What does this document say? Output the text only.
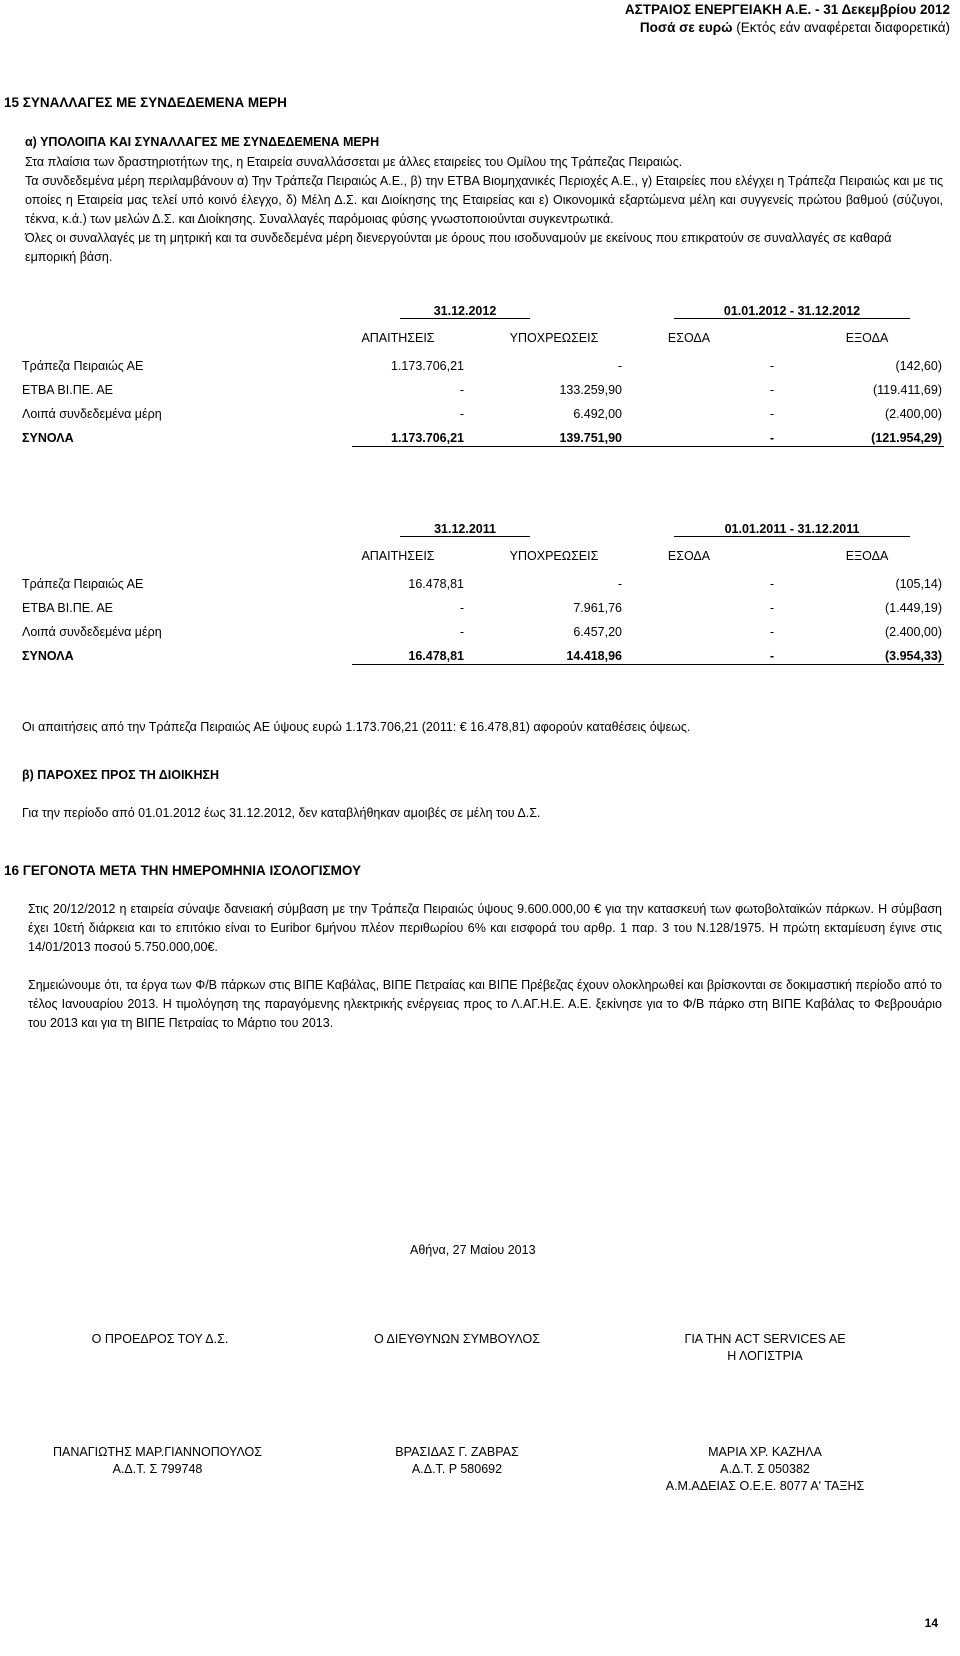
ΑΣΤΡΑΙΟΣ ΕΝΕΡΓΕΙΑΚΗ Α.Ε. - 31 Δεκεμβρίου 2012
Ποσά σε ευρώ (Εκτός εάν αναφέρεται διαφορετικά)
15 ΣΥΝΑΛΛΑΓΕΣ ΜΕ ΣΥΝΔΕΔΕΜΕΝΑ ΜΕΡΗ
α) ΥΠΟΛΟΙΠΑ ΚΑΙ ΣΥΝΑΛΛΑΓΕΣ ΜΕ ΣΥΝΔΕΔΕΜΕΝΑ ΜΕΡΗ
Στα πλαίσια των δραστηριοτήτων της, η Εταιρεία συναλλάσσεται με άλλες εταιρείες του Ομίλου της Τράπεζας Πειραιώς.
Τα συνδεδεμένα μέρη περιλαμβάνουν α) Την Τράπεζα Πειραιώς Α.Ε., β) την ΕΤΒΑ Βιομηχανικές Περιοχές Α.Ε., γ) Εταιρείες που ελέγχει η Τράπεζα Πειραιώς και με τις οποίες η Εταιρεία μας τελεί υπό κοινό έλεγχο, δ) Μέλη Δ.Σ. και Διοίκησης της Εταιρείας και ε) Οικονομικά εξαρτώμενα μέλη και συγγενείς πρώτου βαθμού (σύζυγοι, τέκνα, κ.ά.) των μελών Δ.Σ. και Διοίκησης. Συναλλαγές παρόμοιας φύσης γνωστοποιούνται συγκεντρωτικά.
Όλες οι συναλλαγές με τη μητρική και τα συνδεδεμένα μέρη διενεργούνται με όρους που ισοδυναμούν με εκείνους που επικρατούν σε συναλλαγές σε καθαρά εμπορική βάση.
31.12.2012	01.01.2012 - 31.12.2012
ΑΠΑΙΤΗΣΕΙΣ	ΥΠΟΧΡΕΩΣΕΙΣ	ΕΣΟΔΑ	ΕΞΟΔΑ
Τράπεζα Πειραιώς ΑΕ	1.173.706,21	-	-	(142,60)
ΕΤΒΑ ΒΙ.ΠΕ. ΑΕ	-	133.259,90	-	(119.411,69)
Λοιπά συνδεδεμένα μέρη	-	6.492,00	-	(2.400,00)
ΣΥΝΟΛΑ	1.173.706,21	139.751,90	-	(121.954,29)
31.12.2011	01.01.2011 - 31.12.2011
ΑΠΑΙΤΗΣΕΙΣ	ΥΠΟΧΡΕΩΣΕΙΣ	ΕΣΟΔΑ	ΕΞΟΔΑ
Τράπεζα Πειραιώς ΑΕ	16.478,81	-	-	(105,14)
ΕΤΒΑ ΒΙ.ΠΕ. ΑΕ	-	7.961,76	-	(1.449,19)
Λοιπά συνδεδεμένα μέρη	-	6.457,20	-	(2.400,00)
ΣΥΝΟΛΑ	16.478,81	14.418,96	-	(3.954,33)
Οι απαιτήσεις από την Τράπεζα Πειραιώς ΑΕ ύψους ευρώ 1.173.706,21 (2011: € 16.478,81) αφορούν καταθέσεις όψεως.
β) ΠΑΡΟΧΕΣ ΠΡΟΣ ΤΗ ΔΙΟΙΚΗΣΗ
Για την περίοδο από 01.01.2012 έως 31.12.2012, δεν καταβλήθηκαν αμοιβές σε μέλη του Δ.Σ.
16 ΓΕΓΟΝΟΤΑ ΜΕΤΑ ΤΗΝ ΗΜΕΡΟΜΗΝΙΑ ΙΣΟΛΟΓΙΣΜΟΥ
Στις 20/12/2012 η εταιρεία σύναψε δανειακή σύμβαση με την Τράπεζα Πειραιώς ύψους 9.600.000,00 € για την κατασκευή των φωτοβολταϊκών πάρκων. Η σύμβαση έχει 10ετή διάρκεια και το επιτόκιο είναι το Euribor 6μήνου πλέον περιθωρίου 6% και εισφορά του αρθρ. 1 παρ. 3 του Ν.128/1975. Η πρώτη εκταμίευση έγινε στις 14/01/2013 ποσού 5.750.000,00€.
Σημειώνουμε ότι, τα έργα των Φ/Β πάρκων στις ΒΙΠΕ Καβάλας, ΒΙΠΕ Πετραίας και ΒΙΠΕ Πρέβεζας έχουν ολοκληρωθεί και βρίσκονται σε δοκιμαστική περίοδο από το τέλος Ιανουαρίου 2013. Η τιμολόγηση της παραγόμενης ηλεκτρικής ενέργειας προς το Λ.ΑΓ.Η.Ε. Α.Ε. ξεκίνησε για το Φ/Β πάρκο στη ΒΙΠΕ Καβάλας το Φεβρουάριο του 2013 και για τη ΒΙΠΕ Πετραίας το Μάρτιο του 2013.
Αθήνα, 27 Μαίου 2013
Ο ΠΡΟΕΔΡΟΣ ΤΟΥ Δ.Σ.	Ο ΔΙΕΥΘΥΝΩΝ ΣΥΜΒΟΥΛΟΣ	ΓΙΑ ΤΗΝ ACT SERVICES AE
Η ΛΟΓΙΣΤΡΙΑ
ΠΑΝΑΓΙΩΤΗΣ ΜΑΡ.ΓΙΑΝΝΟΠΟΥΛΟΣ
Α.Δ.Τ. Σ 799748
ΒΡΑΣΙΔΑΣ Γ. ΖΑΒΡΑΣ
Α.Δ.Τ. Ρ 580692
ΜΑΡΙΑ ΧΡ. ΚΑΖΗΛΑ
Α.Δ.Τ. Σ 050382
Α.Μ.ΑΔΕΙΑΣ Ο.Ε.Ε. 8077 Α' ΤΑΞΗΣ
14
